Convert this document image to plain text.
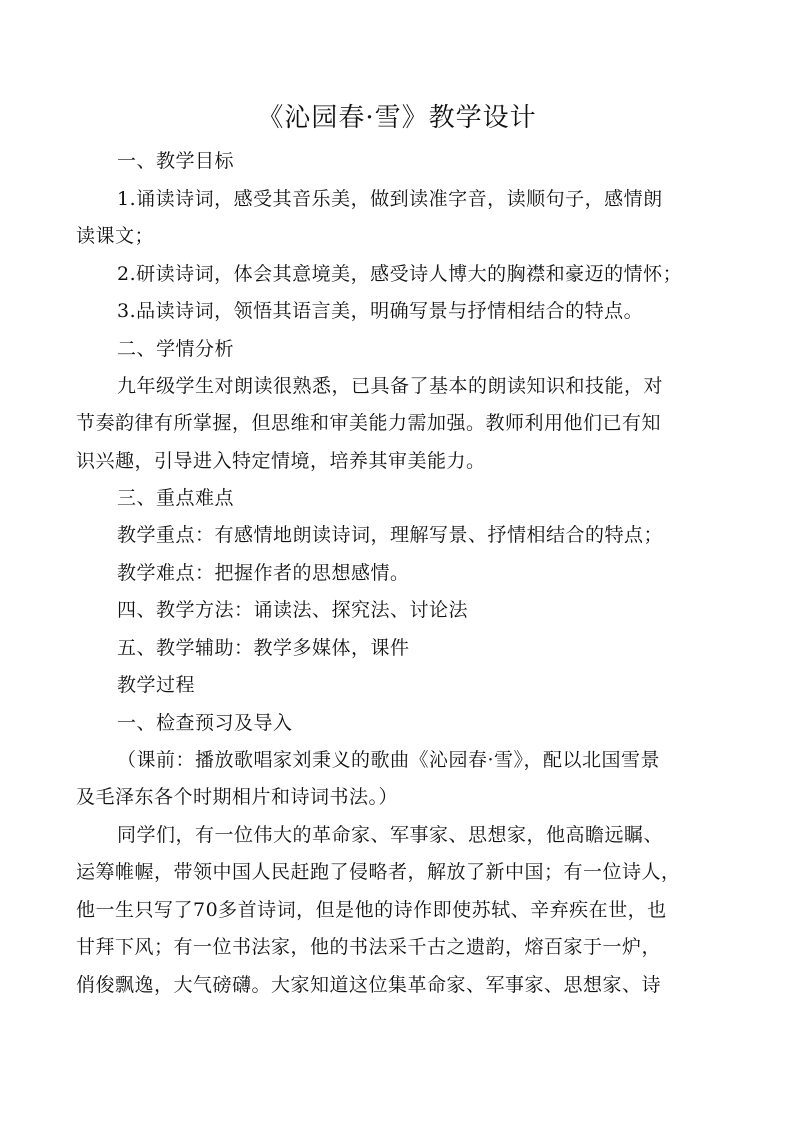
《沁园春·雪》教学设计
一、教学目标
1.诵读诗词，感受其音乐美，做到读准字音，读顺句子，感情朗
读课文；
2.研读诗词，体会其意境美，感受诗人博大的胸襟和豪迈的情怀；
3.品读诗词，领悟其语言美，明确写景与抒情相结合的特点。
二、学情分析
九年级学生对朗读很熟悉，已具备了基本的朗读知识和技能，对
节奏韵律有所掌握，但思维和审美能力需加强。教师利用他们已有知
识兴趣，引导进入特定情境，培养其审美能力。
三、重点难点
教学重点：有感情地朗读诗词，理解写景、抒情相结合的特点；
教学难点：把握作者的思想感情。
四、教学方法：诵读法、探究法、讨论法
五、教学辅助：教学多媒体，课件
教学过程
一、检查预习及导入
（课前：播放歌唱家刘秉义的歌曲《沁园春·雪》，配以北国雪景
及毛泽东各个时期相片和诗词书法。）
同学们，有一位伟大的革命家、军事家、思想家，他高瞻远瞩、
运筹帷幄，带领中国人民赶跑了侵略者，解放了新中国；有一位诗人，
他一生只写了70多首诗词，但是他的诗作即使苏轼、辛弃疾在世，也
甘拜下风；有一位书法家，他的书法采千古之遗韵，熔百家于一炉，
俏俊飘逸，大气磅礴。大家知道这位集革命家、军事家、思想家、诗
